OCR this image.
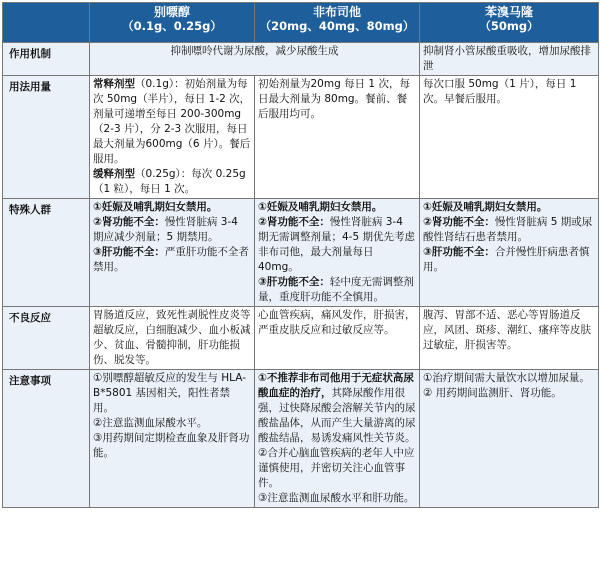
	别嘌醇
（0.1g、0.25g）	非布司他
（20mg、40mg、80mg）	苯溴马隆
（50mg）

作用机制	抑制嘌呤代谢为尿酸，减少尿酸生成		抑制肾小管尿酸重吸收，增加尿酸排泄
用法用量	常释剂型（0.1g）：初始剂量为每次 50mg（半片），每日 1-2 次，剂量可递增至每日 200-300mg（2-3 片），分 2-3 次服用，每日最大剂量为600mg（6 片）。餐后服用。
缓释剂型（0.25g）：每次 0.25g（1 粒），每日 1 次。	初始剂量为20mg 每日 1 次，每日最大剂量为 80mg。餐前、餐后服用均可。	每次口服 50mg（1 片），每日 1 次。早餐后服用。
特殊人群	①妊娠及哺乳期妇女禁用。
②肾功能不全：慢性肾脏病 3-4 期应减少剂量；5 期禁用。
③肝功能不全：严重肝功能不全者禁用。	①妊娠及哺乳期妇女禁用。
②肾功能不全：慢性肾脏病 3-4 期无需调整剂量；4-5 期优先考虑非布司他，最大剂量每日 40mg。
③肝功能不全：轻中度无需调整剂量，重度肝功能不全慎用。	①妊娠及哺乳期妇女禁用。
②肾功能不全：慢性肾脏病 5 期或尿酸性肾结石患者禁用。
③肝功能不全：合并慢性肝病患者慎用。

不良反应	胃肠道反应，致死性剥脱性皮炎等超敏反应，白细胞减少、血小板减少、贫血、骨髓抑制，肝功能损伤、脱发等。	心血管疾病，痛风发作，肝损害，严重皮肤反应和过敏反应等。	腹泻、胃部不适、恶心等胃肠道反应，风团、斑疹、潮红、瘙痒等皮肤过敏症，肝损害等。
注意事项	①别嘌醇超敏反应的发生与 HLA-B*5801 基因相关，阳性者禁用。
②注意监测血尿酸水平。
③用药期间定期检查血象及肝肾功能。	①不推荐非布司他用于无症状高尿酸血症的治疗，其降尿酸作用很强，过快降尿酸会溶解关节内的尿酸盐晶体，从而产生大量游离的尿酸盐结晶，易诱发痛风性关节炎。
②合并心脑血管疾病的老年人中应谨慎使用，并密切关注心血管事件。
③注意监测血尿酸水平和肝功能。	①治疗期间需大量饮水以增加尿量。
② 用药期间监测肝、肾功能。
